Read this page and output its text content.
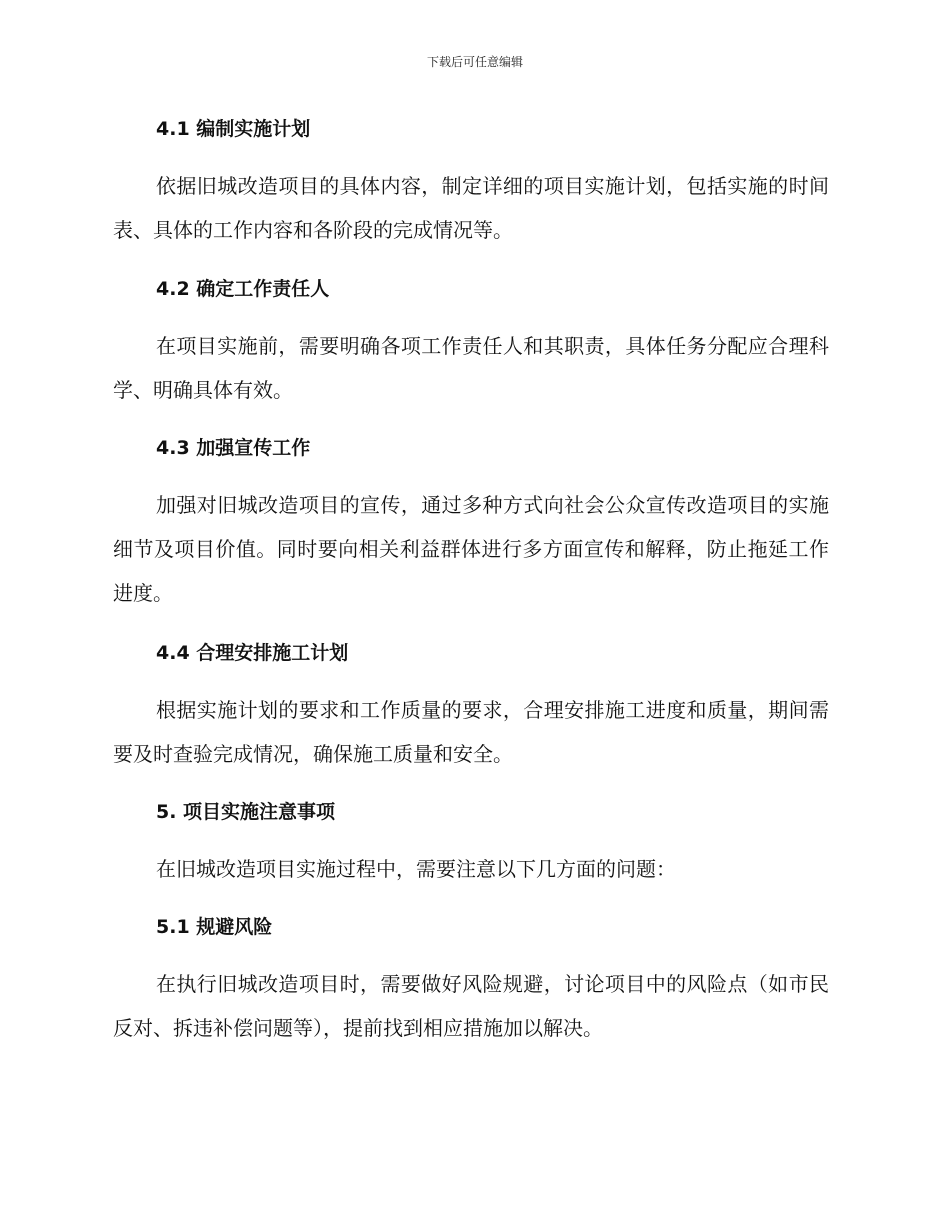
下载后可任意编辑
4.1 编制实施计划
依据旧城改造项目的具体内容，制定详细的项目实施计划，包括实施的时间表、具体的工作内容和各阶段的完成情况等。
4.2 确定工作责任人
在项目实施前，需要明确各项工作责任人和其职责，具体任务分配应合理科学、明确具体有效。
4.3 加强宣传工作
加强对旧城改造项目的宣传，通过多种方式向社会公众宣传改造项目的实施细节及项目价值。同时要向相关利益群体进行多方面宣传和解释，防止拖延工作进度。
4.4 合理安排施工计划
根据实施计划的要求和工作质量的要求，合理安排施工进度和质量，期间需要及时查验完成情况，确保施工质量和安全。
5. 项目实施注意事项
在旧城改造项目实施过程中，需要注意以下几方面的问题：
5.1 规避风险
在执行旧城改造项目时，需要做好风险规避，讨论项目中的风险点（如市民反对、拆违补偿问题等），提前找到相应措施加以解决。
